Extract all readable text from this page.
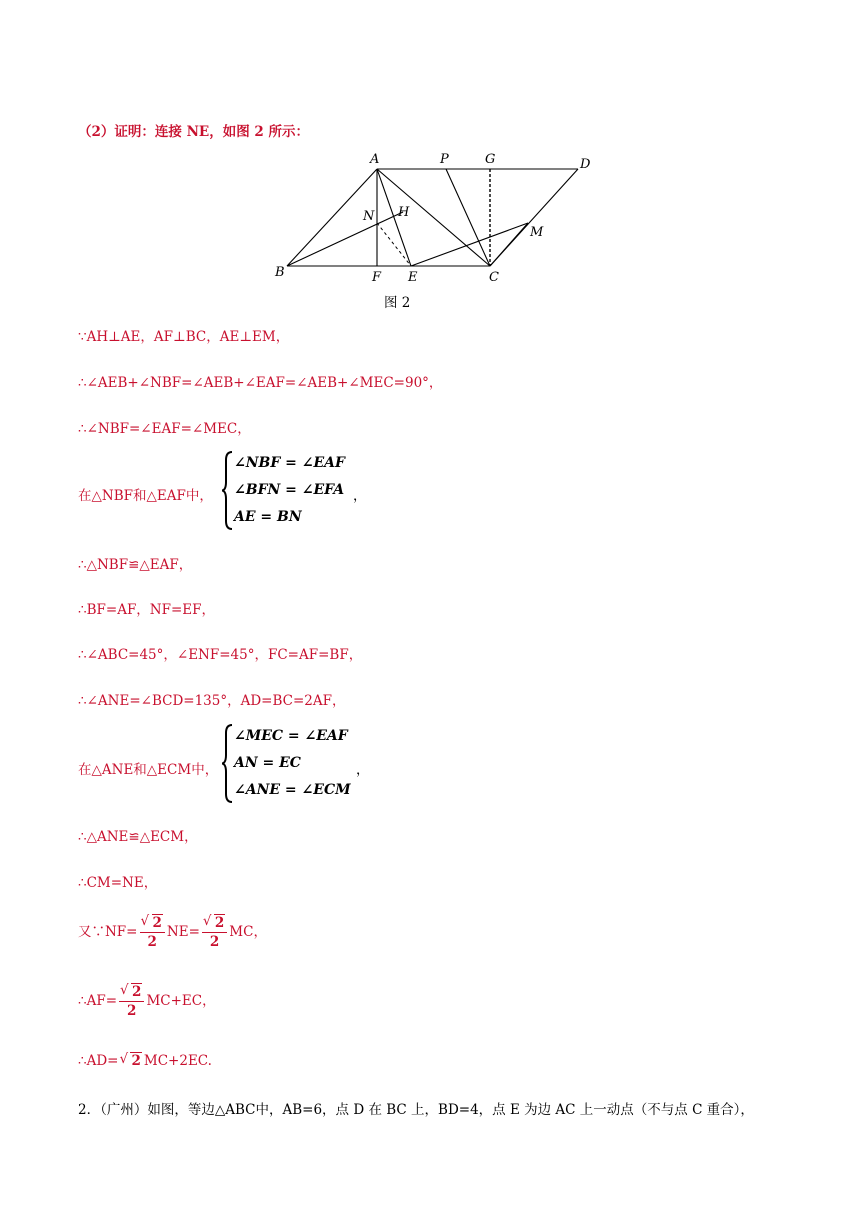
（2）证明：连接 NE，如图 2 所示：
A	P	G	D
N H
M
B	F E	C
图 2
∵AH⊥AE，AF⊥BC，AE⊥EM，
∴∠AEB+∠NBF=∠AEB+∠EAF=∠AEB+∠MEC=90°，
∴∠NBF=∠EAF=∠MEC，
在△NBF和△EAF中，
∠NBF = ∠EAF
∠BFN = ∠EFA
AE = BN
，
∴△NBF≌△EAF，
∴BF=AF，NF=EF，
∴∠ABC=45°，∠ENF=45°，FC=AF=BF，
∴∠ANE=∠BCD=135°，AD=BC=2AF，
在△ANE和△ECM中，
∠MEC = ∠EAF
AN = EC
∠ANE = ∠ECM
，
∴△ANE≌△ECM，
∴CM=NE，
又∵NF= √ $\frac{2}{2} NE=$ √ $\frac{2}{2}$ MC，
∴AF= √ $\frac{2}{2} MC+EC$，
∴AD= √ 2 MC+2EC.
2．（广州）如图，等边△ABC中，AB=6，点 D 在 BC 上，BD=4，点 E 为边 AC 上一动点（不与点 C 重合），
